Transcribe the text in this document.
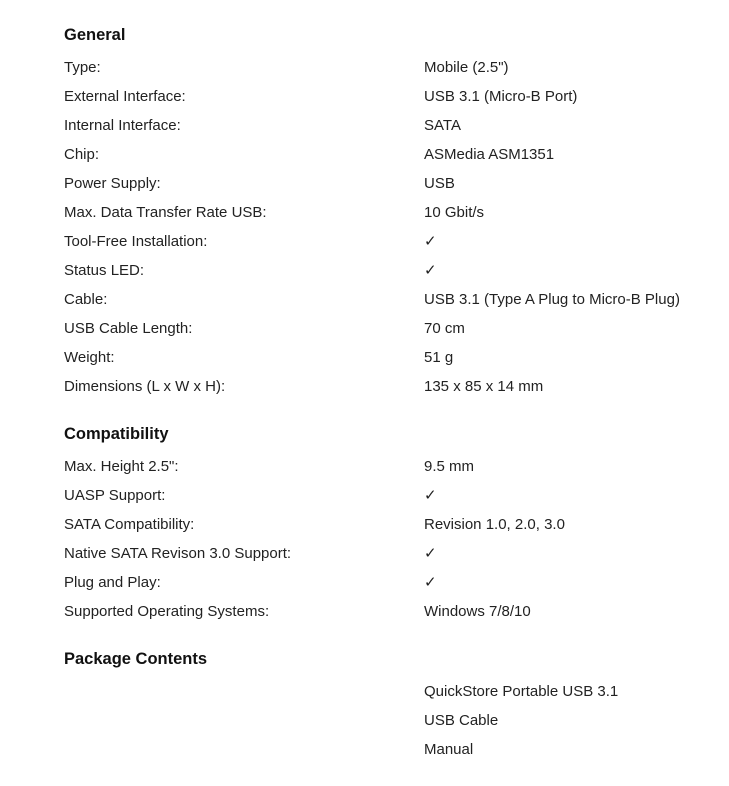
General
Type:	Mobile (2.5")
External Interface:	USB 3.1 (Micro-B Port)
Internal Interface:	SATA
Chip:	ASMedia ASM1351
Power Supply:	USB
Max. Data Transfer Rate USB:	10 Gbit/s
Tool-Free Installation:	✓
Status LED:	✓
Cable:	USB 3.1 (Type A Plug to Micro-B Plug)
USB Cable Length:	70 cm
Weight:	51 g
Dimensions (L x W x H):	135 x 85 x 14 mm
Compatibility
Max. Height 2.5":	9.5 mm
UASP Support:	✓
SATA Compatibility:	Revision 1.0, 2.0, 3.0
Native SATA Revison 3.0 Support:	✓
Plug and Play:	✓
Supported Operating Systems:	Windows 7/8/10
Package Contents
QuickStore Portable USB 3.1
USB Cable
Manual
